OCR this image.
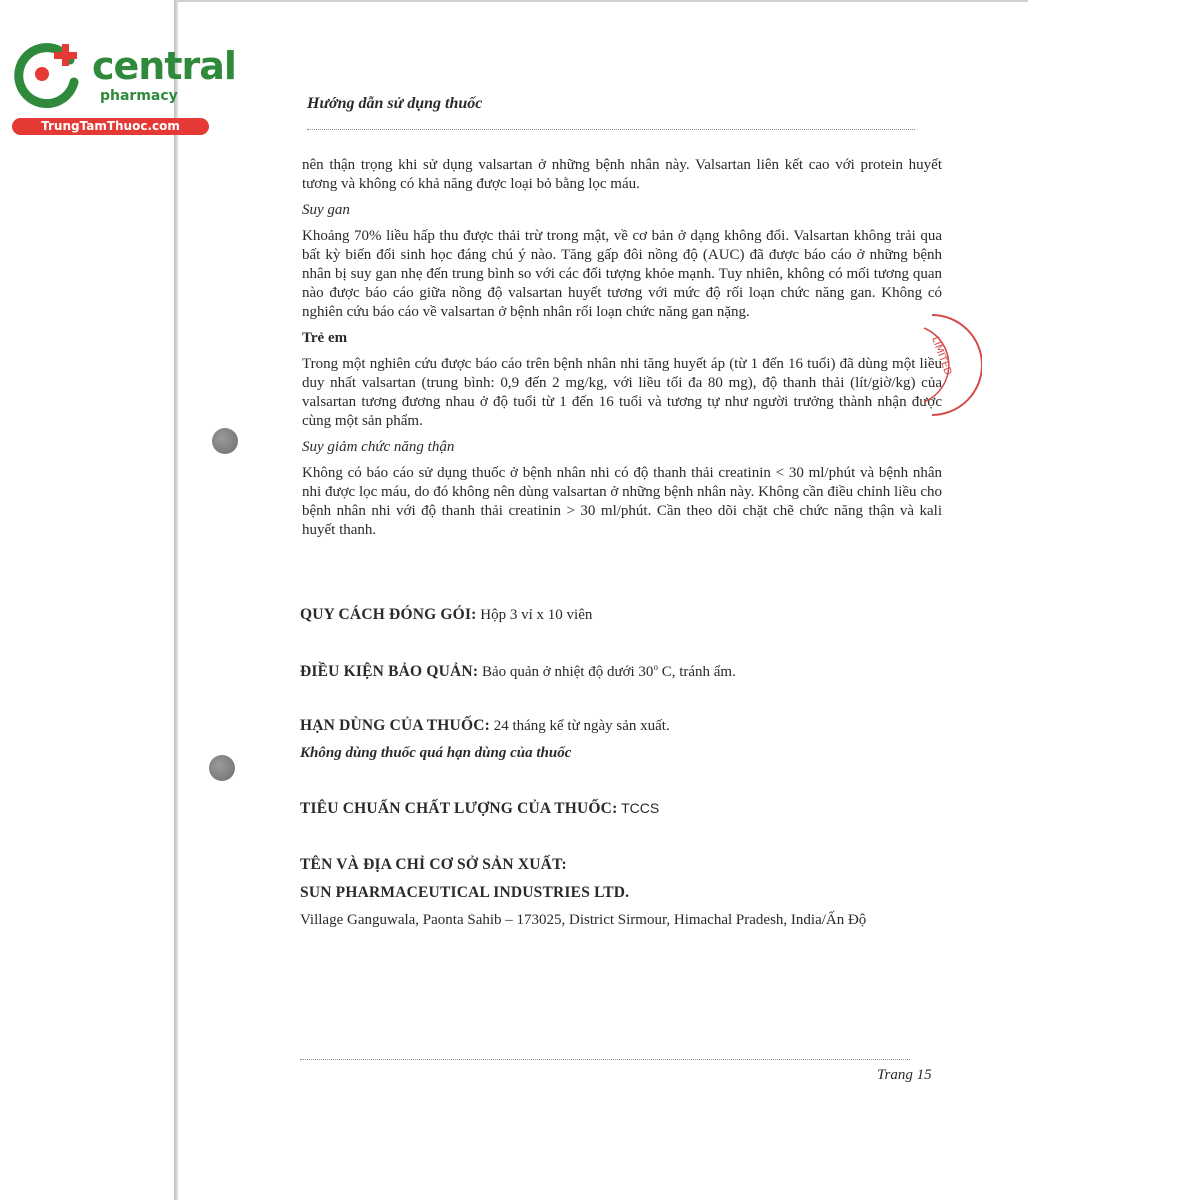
central
pharmacy
TrungTamThuoc.com
Hướng dẫn sử dụng thuốc

nên thận trọng khi sử dụng valsartan ở những bệnh nhân này. Valsartan liên kết cao với protein huyết tương và không có khả năng được loại bỏ bằng lọc máu.

Suy gan

Khoảng 70% liều hấp thu được thải trừ trong mật, về cơ bản ở dạng không đổi. Valsartan không trải qua bất kỳ biến đổi sinh học đáng chú ý nào. Tăng gấp đôi nồng độ (AUC) đã được báo cáo ở những bệnh nhân bị suy gan nhẹ đến trung bình so với các đối tượng khỏe mạnh. Tuy nhiên, không có mối tương quan nào được báo cáo giữa nồng độ valsartan huyết tương với mức độ rối loạn chức năng gan. Không có nghiên cứu báo cáo về valsartan ở bệnh nhân rối loạn chức năng gan nặng.

Trẻ em

Trong một nghiên cứu được báo cáo trên bệnh nhân nhi tăng huyết áp (từ 1 đến 16 tuổi) đã dùng một liều duy nhất valsartan (trung bình: 0,9 đến 2 mg/kg, với liều tối đa 80 mg), độ thanh thải (lít/giờ/kg) của valsartan tương đương nhau ở độ tuổi từ 1 đến 16 tuổi và tương tự như người trưởng thành nhận được cùng một sản phẩm.

Suy giảm chức năng thận

Không có báo cáo sử dụng thuốc ở bệnh nhân nhi có độ thanh thải creatinin < 30 ml/phút và bệnh nhân nhi được lọc máu, do đó không nên dùng valsartan ở những bệnh nhân này. Không cần điều chỉnh liều cho bệnh nhân nhi với độ thanh thải creatinin > 30 ml/phút. Cần theo dõi chặt chẽ chức năng thận và kali huyết thanh.

LIMITED.
QUY CÁCH ĐÓNG GÓI: Hộp 3 vỉ x 10 viên
ĐIỀU KIỆN BẢO QUẢN: Bảo quản ở nhiệt độ dưới 30$^o$ C, tránh ẩm.
HẠN DÙNG CỦA THUỐC: 24 tháng kể từ ngày sản xuất.
Không dùng thuốc quá hạn dùng của thuốc
TIÊU CHUẨN CHẤT LƯỢNG CỦA THUỐC: TCCS
TÊN VÀ ĐỊA CHỈ CƠ SỞ SẢN XUẤT:
SUN PHARMACEUTICAL INDUSTRIES LTD.
Village Ganguwala, Paonta Sahib – 173025, District Sirmour, Himachal Pradesh, India/Ấn Độ
Trang 15
